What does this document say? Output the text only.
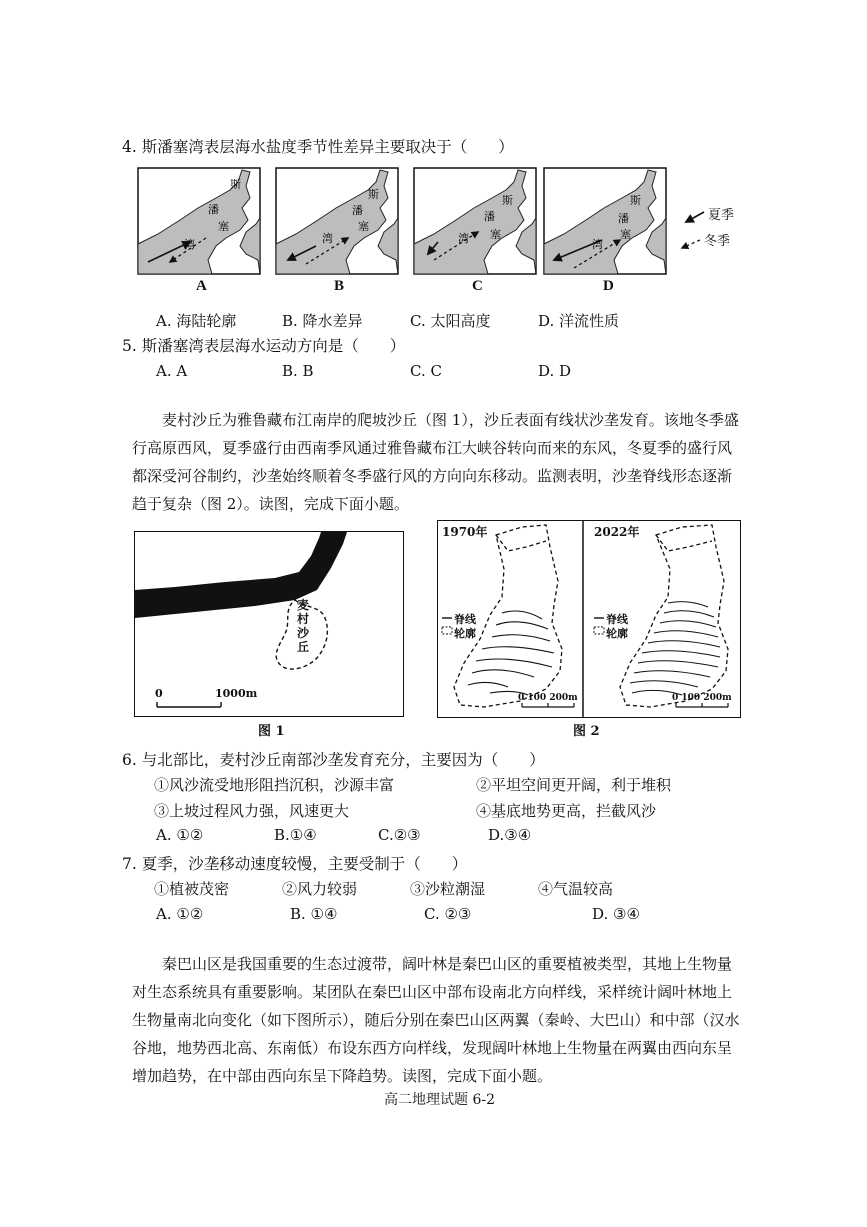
4. 斯潘塞湾表层海水盐度季节性差异主要取决于（　　）
斯
潘
塞
湾
斯
潘
塞
湾
斯
潘
塞
湾
斯
潘
塞
湾
夏季
冬季
A	B	C	D
A. 海陆轮廓	B. 降水差异	C. 太阳高度	D. 洋流性质
5. 斯潘塞湾表层海水运动方向是（　　）
A. A	B. B	C. C	D. D
麦村沙丘为雅鲁藏布江南岸的爬坡沙丘（图 1），沙丘表面有线状沙垄发育。该地冬季盛行高原西风，夏季盛行由西南季风通过雅鲁藏布江大峡谷转向而来的东风，冬夏季的盛行风都深受河谷制约，沙垄始终顺着冬季盛行风的方向向东移动。监测表明，沙垄脊线形态逐渐趋于复杂（图 2）。读图，完成下面小题。
麦
村
沙
丘
0	1000m
图 1
1970年	2022年
脊线
轮廓
脊线
轮廓
0 100 200m	0 100 200m
图 2
6. 与北部比，麦村沙丘南部沙垄发育充分，主要因为（　　）
①风沙流受地形阻挡沉积，沙源丰富	②平坦空间更开阔，利于堆积
③上坡过程风力强，风速更大	④基底地势更高，拦截风沙
A. ①②	B.①④	C.②③	D.③④
7. 夏季，沙垄移动速度较慢，主要受制于（　　）
①植被茂密	②风力较弱	③沙粒潮湿	④气温较高
A. ①②	B. ①④	C. ②③	D. ③④
秦巴山区是我国重要的生态过渡带，阔叶林是秦巴山区的重要植被类型，其地上生物量对生态系统具有重要影响。某团队在秦巴山区中部布设南北方向样线，采样统计阔叶林地上生物量南北向变化（如下图所示），随后分别在秦巴山区两翼（秦岭、大巴山）和中部（汉水谷地，地势西北高、东南低）布设东西方向样线，发现阔叶林地上生物量在两翼由西向东呈增加趋势，在中部由西向东呈下降趋势。读图，完成下面小题。
高二地理试题 6-2
